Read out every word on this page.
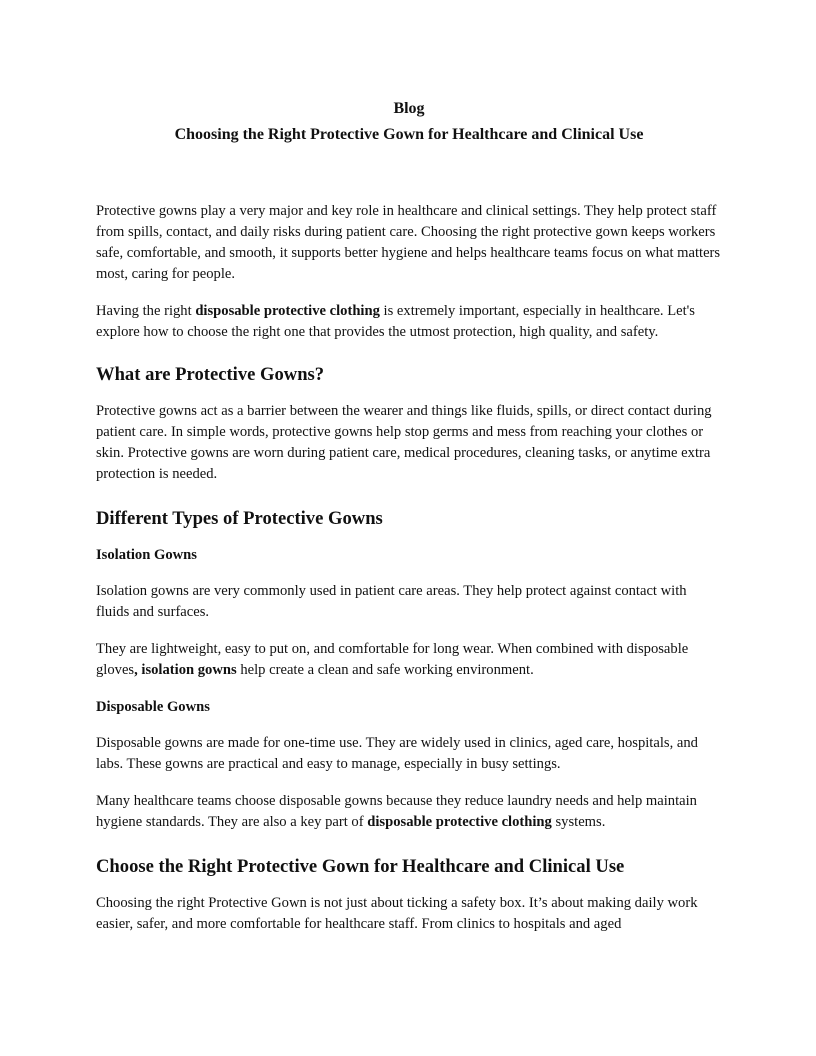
Blog
Choosing the Right Protective Gown for Healthcare and Clinical Use

Protective gowns play a very major and key role in healthcare and clinical settings. They help protect staff from spills, contact, and daily risks during patient care. Choosing the right protective gown keeps workers safe, comfortable, and smooth, it supports better hygiene and helps healthcare teams focus on what matters most, caring for people.

Having the right disposable protective clothing is extremely important, especially in healthcare. Let's explore how to choose the right one that provides the utmost protection, high quality, and safety.

What are Protective Gowns?

Protective gowns act as a barrier between the wearer and things like fluids, spills, or direct contact during patient care. In simple words, protective gowns help stop germs and mess from reaching your clothes or skin. Protective gowns are worn during patient care, medical procedures, cleaning tasks, or anytime extra protection is needed.

Different Types of Protective Gowns
Isolation Gowns

Isolation gowns are very commonly used in patient care areas. They help protect against contact with fluids and surfaces.

They are lightweight, easy to put on, and comfortable for long wear. When combined with disposable gloves, isolation gowns help create a clean and safe working environment.

Disposable Gowns

Disposable gowns are made for one-time use. They are widely used in clinics, aged care, hospitals, and labs. These gowns are practical and easy to manage, especially in busy settings.

Many healthcare teams choose disposable gowns because they reduce laundry needs and help maintain hygiene standards. They are also a key part of disposable protective clothing systems.

Choose the Right Protective Gown for Healthcare and Clinical Use

Choosing the right Protective Gown is not just about ticking a safety box. It’s about making daily work easier, safer, and more comfortable for healthcare staff. From clinics to hospitals and aged
